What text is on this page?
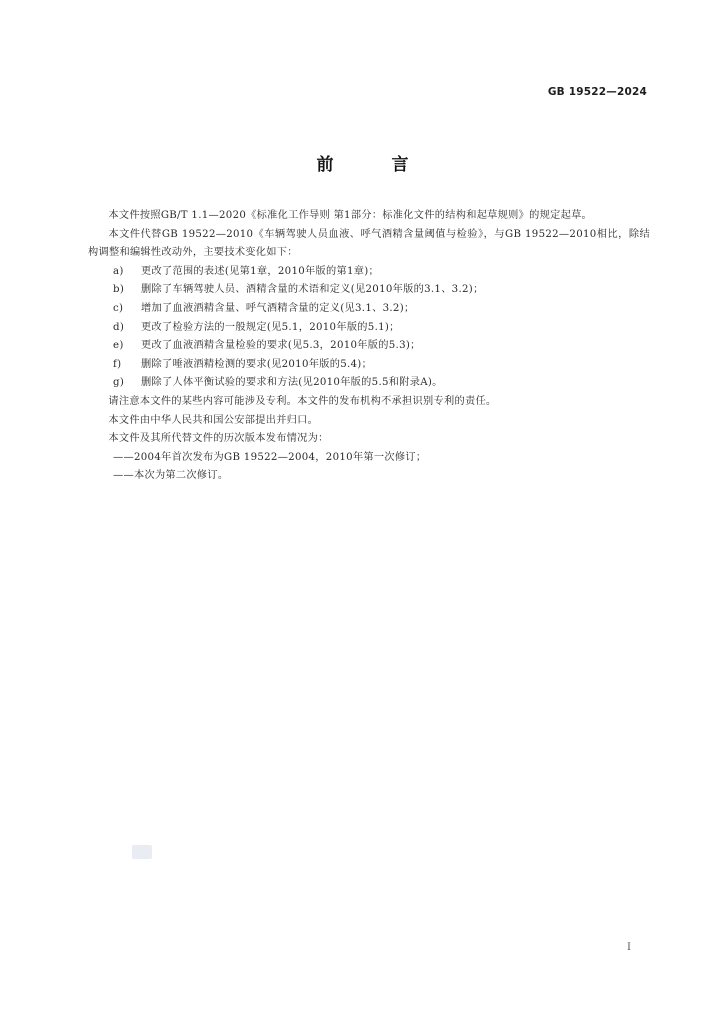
GB 19522—2024
前 言

本文件按照GB/T 1.1—2020《标准化工作导则 第1部分：标准化文件的结构和起草规则》的规定起草。

本文件代替GB 19522—2010《车辆驾驶人员血液、呼气酒精含量阈值与检验》，与GB 19522—2010相比，除结构调整和编辑性改动外，主要技术变化如下：

a) 更改了范围的表述(见第1章，2010年版的第1章)；

b) 删除了车辆驾驶人员、酒精含量的术语和定义(见2010年版的3.1、3.2)；

c) 增加了血液酒精含量、呼气酒精含量的定义(见3.1、3.2)；

d) 更改了检验方法的一般规定(见5.1，2010年版的5.1)；

e) 更改了血液酒精含量检验的要求(见5.3，2010年版的5.3)；

f) 删除了唾液酒精检测的要求(见2010年版的5.4)；

g) 删除了人体平衡试验的要求和方法(见2010年版的5.5和附录A)。

请注意本文件的某些内容可能涉及专利。本文件的发布机构不承担识别专利的责任。

本文件由中华人民共和国公安部提出并归口。

本文件及其所代替文件的历次版本发布情况为：

——2004年首次发布为GB 19522—2004，2010年第一次修订；

——本次为第二次修订。

I
